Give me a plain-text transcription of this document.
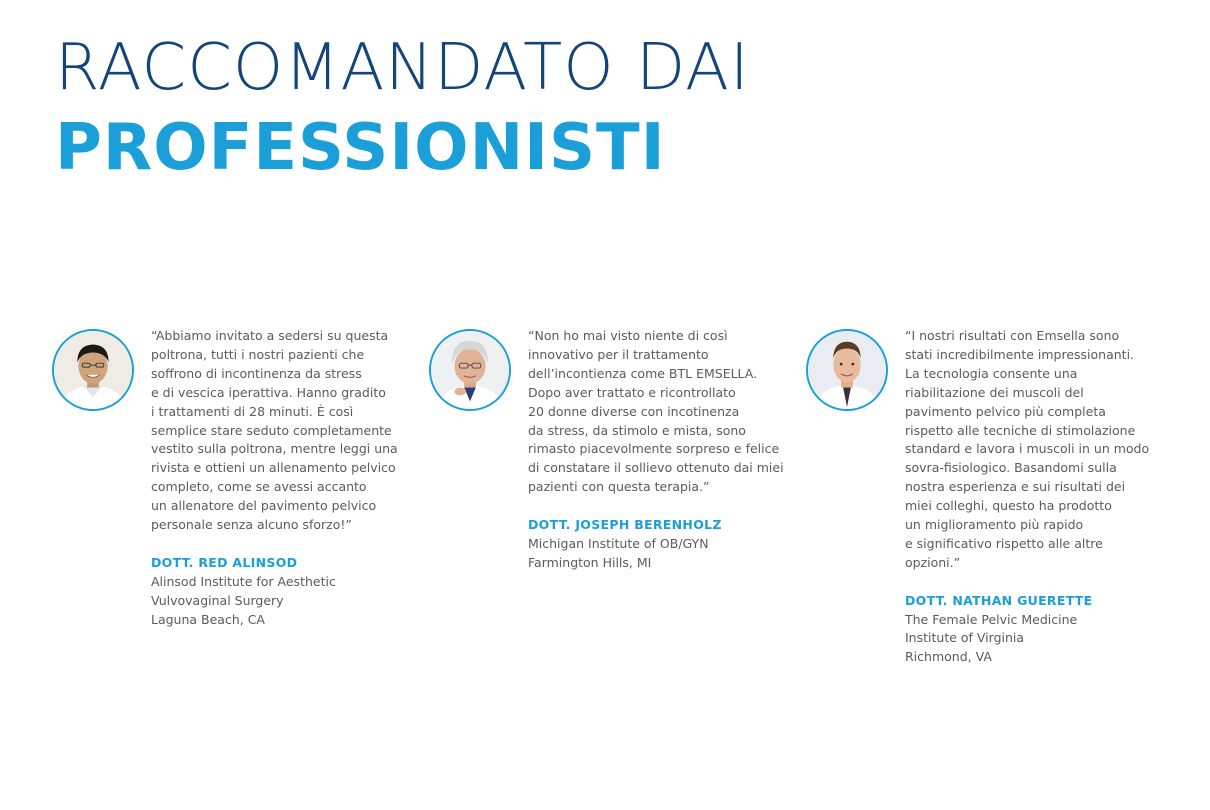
RACCOMANDATO DAI
PROFESSIONISTI
“Abbiamo invitato a sedersi su questa
poltrona, tutti i nostri pazienti che
soffrono di incontinenza da stress
e di vescica iperattiva. Hanno gradito
i trattamenti di 28 minuti. È così
semplice stare seduto completamente
vestito sulla poltrona, mentre leggi una
rivista e ottieni un allenamento pelvico
completo, come se avessi accanto
un allenatore del pavimento pelvico
personale senza alcuno sforzo!”
DOTT. RED ALINSOD
Alinsod Institute for Aesthetic
Vulvovaginal Surgery
Laguna Beach, CA
“Non ho mai visto niente di così
innovativo per il trattamento
dell’incontienza come BTL EMSELLA.
Dopo aver trattato e ricontrollato
20 donne diverse con incotinenza
da stress, da stimolo e mista, sono
rimasto piacevolmente sorpreso e felice
di constatare il sollievo ottenuto dai miei
pazienti con questa terapia.”
DOTT. JOSEPH BERENHOLZ
Michigan Institute of OB/GYN
Farmington Hills, MI
“I nostri risultati con Emsella sono
stati incredibilmente impressionanti.
La tecnologia consente una
riabilitazione dei muscoli del
pavimento pelvico più completa
rispetto alle tecniche di stimolazione
standard e lavora i muscoli in un modo
sovra-fisiologico. Basandomi sulla
nostra esperienza e sui risultati dei
miei colleghi, questo ha prodotto
un miglioramento più rapido
e significativo rispetto alle altre
opzioni.”
DOTT. NATHAN GUERETTE
The Female Pelvic Medicine
Institute of Virginia
Richmond, VA
